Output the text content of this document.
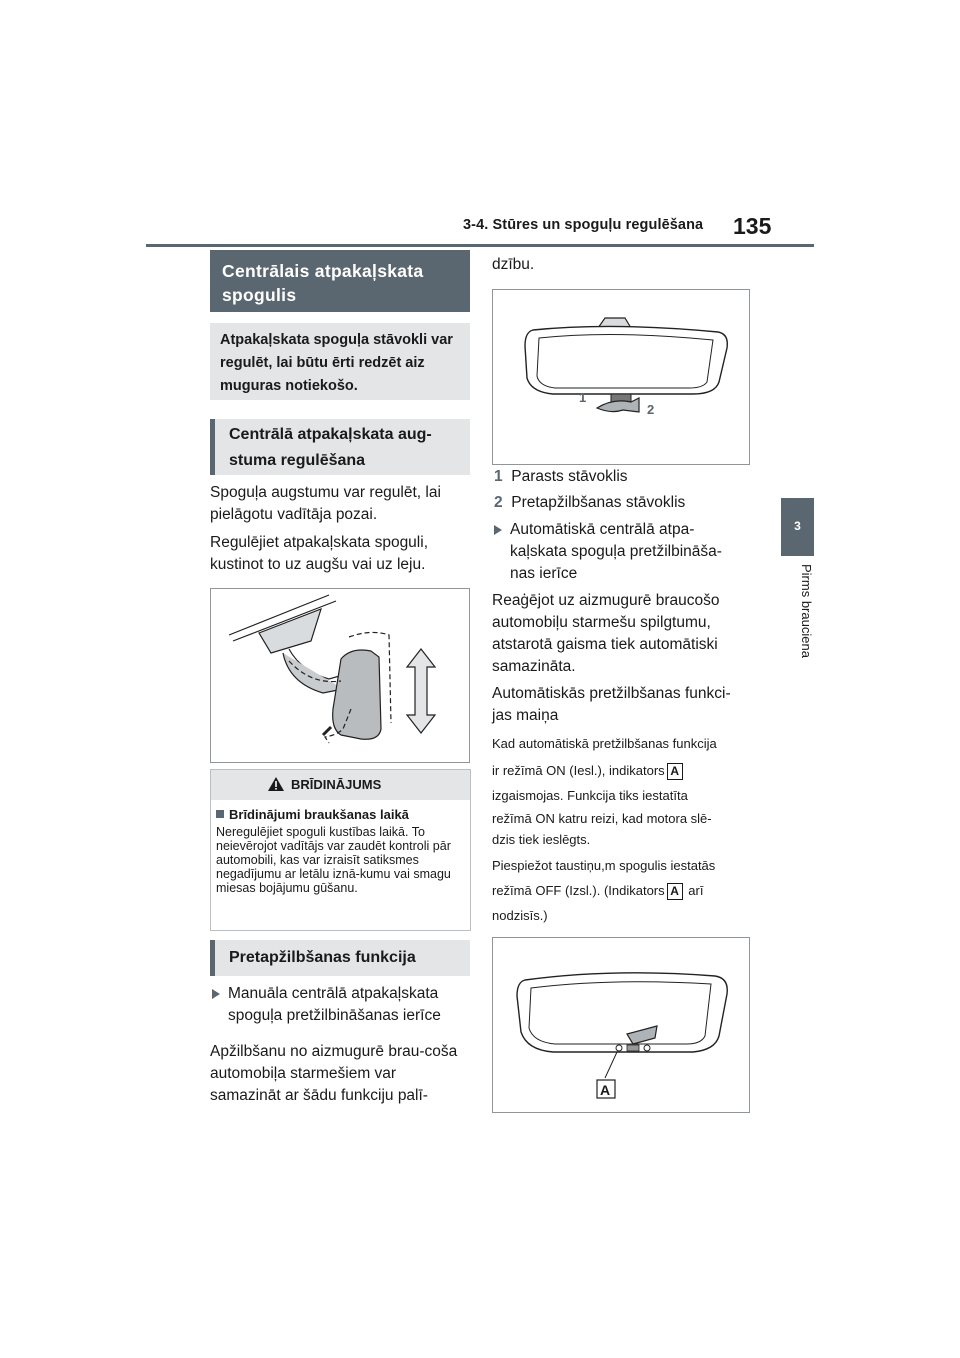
3-4. Stūres un spoguļu regulēšana 135
3
Pirms brauciena
Centrālais atpakaļskata spogulis
Atpakaļskata spoguļa stāvokli var regulēt, lai būtu ērti redzēt aiz muguras notiekošo.
Centrālā atpakaļskata aug-stuma regulēšana
Spoguļa augstumu var regulēt, lai pielāgotu vadītāja pozai.
Regulējiet atpakaļskata spoguli, kustinot to uz augšu vai uz leju.
BRĪDINĀJUMS
Brīdinājumi braukšanas laikā
Neregulējiet spoguli kustības laikā. To neievērojot vadītājs var zaudēt kontroli pār automobili, kas var izraisīt satiksmes negadījumu ar letālu iznā-kumu vai smagu miesas bojājumu gūšanu.
Pretapžilbšanas funkcija
Manuāla centrālā atpakaļskata spoguļa pretžilbināšanas ierīce
Apžilbšanu no aizmugurē brau-coša automobiļa starmešiem var samazināt ar šādu funkciju palī-
dzību.
1
2
1 Parasts stāvoklis
2 Pretapžilbšanas stāvoklis
Automātiskā centrālā atpa-kaļskata spoguļa pretžilbināša-nas ierīce
Reaģējot uz aizmugurē braucošo automobiļu starmešu spilgtumu, atstarotā gaisma tiek automātiski samazināta.
Automātiskās pretžilbšanas funkci-jas maiņa
Kad automātiskā pretžilbšanas funkcija
ir režīmā ON (Iesl.), indikators A
izgaismojas. Funkcija tiks iestatīta
režīmā ON katru reizi, kad motora slē-
dzis tiek ieslēgts.
Piespiežot taustiņu,m spogulis iestatās
režīmā OFF (Izsl.). (Indikators A arī
nodzisīs.)
A
